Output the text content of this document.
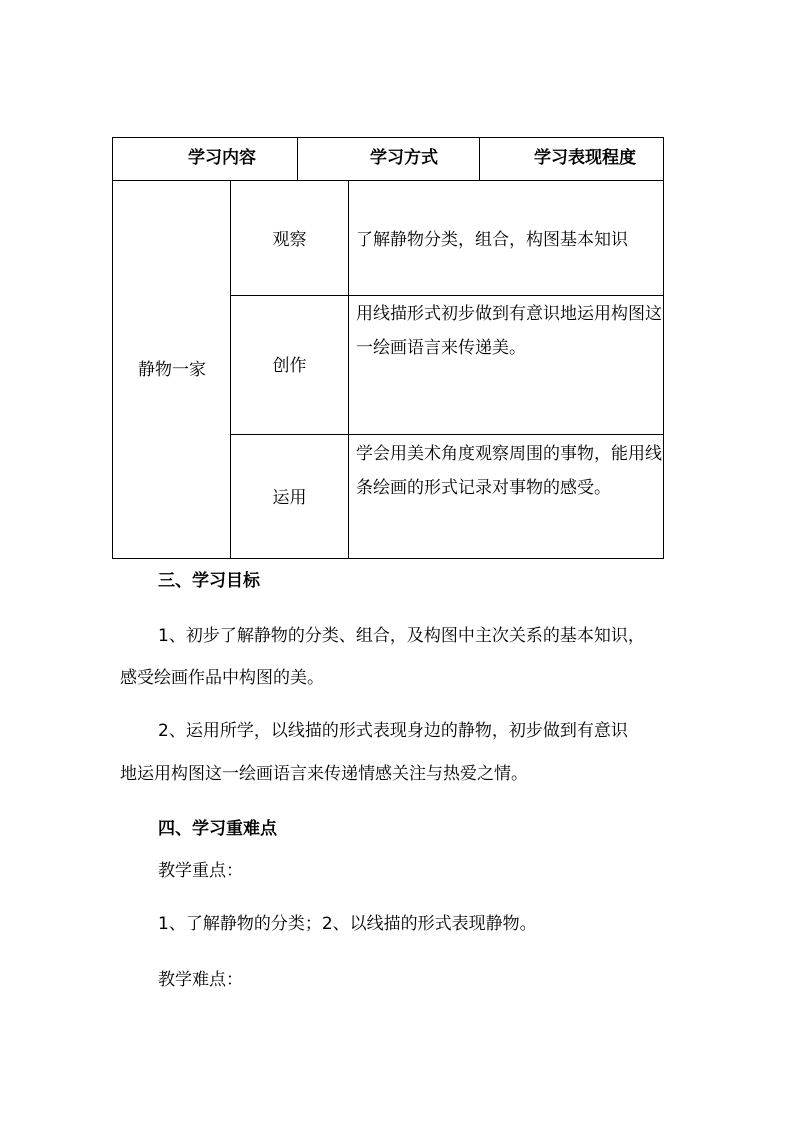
学习内容	学习方式	学习表现程度
静物一家
观察
创作
运用
了解静物分类，组合，构图基本知识
用线描形式初步做到有意识地运用构图这一绘画语言来传递美。
学会用美术角度观察周围的事物，能用线条绘画的形式记录对事物的感受。
三、学习目标
1、初步了解静物的分类、组合，及构图中主次关系的基本知识，
感受绘画作品中构图的美。
2、运用所学，以线描的形式表现身边的静物，初步做到有意识
地运用构图这一绘画语言来传递情感关注与热爱之情。
四、学习重难点
教学重点：
1、了解静物的分类；2、以线描的形式表现静物。
教学难点：
